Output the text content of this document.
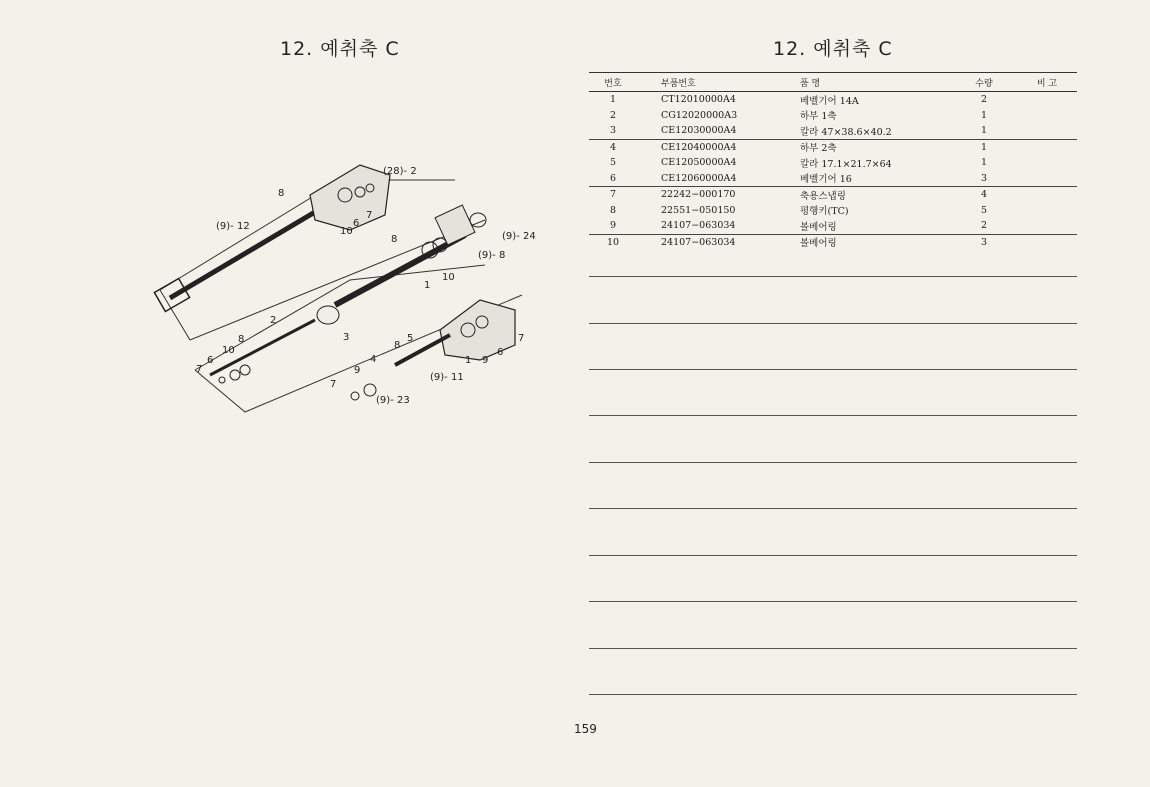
12. 예취축 C
(28)- 2
8
10
6
7
(9)- 12
(9)- 24
(9)- 8
8
1
10
2
3
10
8
6
7
8
5
4
9
1 9
6
7
(9)- 11
7
(9)- 23
12. 예취축 C
번호	부품번호	품 명	수량	비 고
1	CT12010000A4	베벨기어 14A	2	
2	CG12020000A3	하부 1축	1	
3	CE12030000A4	칼라 47×38.6×40.2	1	
4	CE12040000A4	하부 2축	1	
5	CE12050000A4	칼라 17.1×21.7×64	1	
6	CE12060000A4	베벨기어 16	3	
7	22242−000170	축용스냅링	4	
8	22551−050150	평행키(TC)	5	
9	24107−063034	볼베어링	2	
10	24107−063034	볼베어링	3	
159
